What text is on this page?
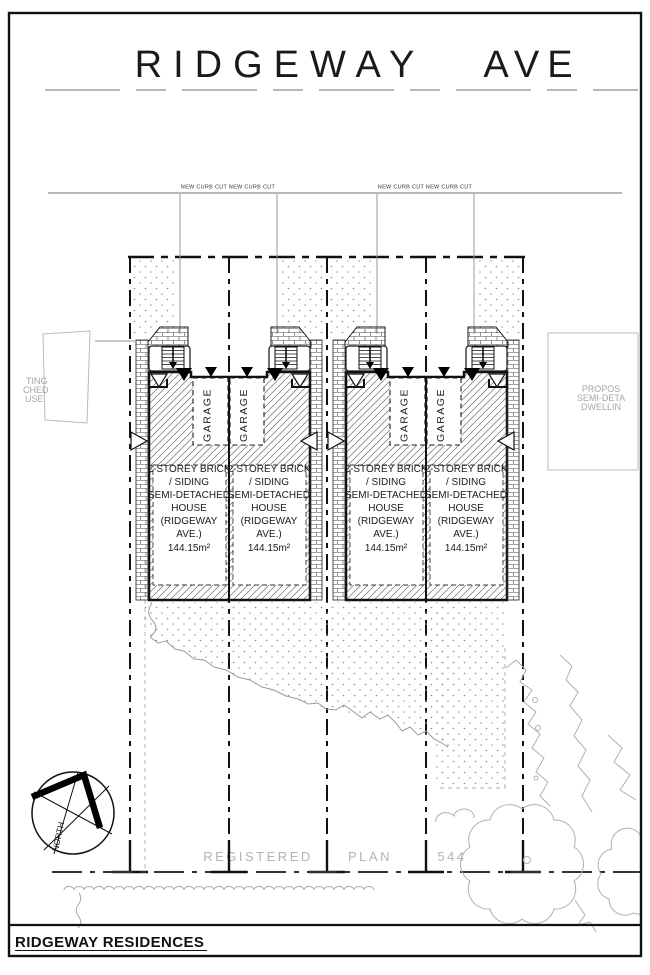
RIDGEWAY AVE
REGISTERED	PLAN	544
NEW CURB CUT NEW CURB CUT
GARAGE GARAGE
2-STOREY BRICK
/ SIDING
SEMI-DETACHED
HOUSE
(RIDGEWAY
AVE.)
144.15m²
2-STOREY BRICK
/ SIDING
SEMI-DETACHED
HOUSE
(RIDGEWAY
AVE.)
144.15m²
NORTH
TING
CHED
USE
PROPOS
SEMI-DETA
DWELLIN
RIDGEWAY RESIDENCES
